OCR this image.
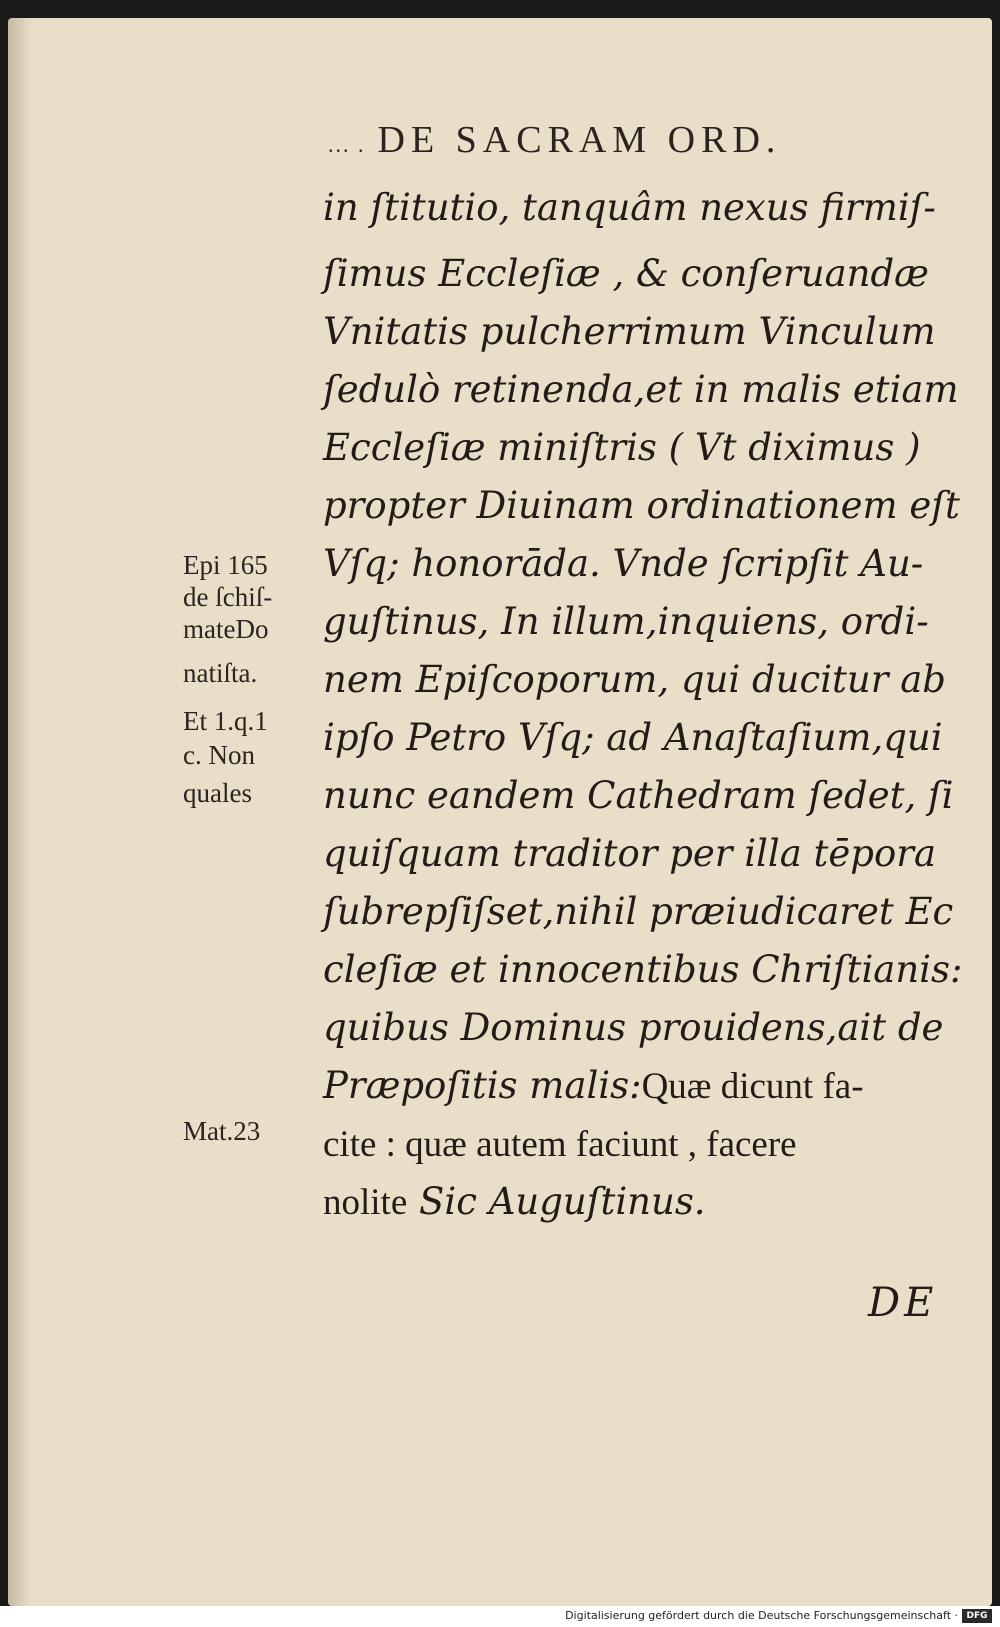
... . DE SACRAM ORD.
in ſtitutio, tanquâm nexus firmiſ-
ſimus Eccleſiæ , & conſeruandæ
Vnitatis pulcherrimum Vinculum
ſedulò retinenda,et in malis etiam
Eccleſiæ miniſtris ( Vt diximus )
propter Diuinam ordinationem eſt
Vſq; honorāda. Vnde ſcripſit Au-
guſtinus, In illum,inquiens, ordi-
nem Epiſcoporum, qui ducitur ab
ipſo Petro Vſq; ad Anaſtaſium,qui
nunc eandem Cathedram ſedet, ſi
quiſquam traditor per illa tēpora
ſubrepſiſset,nihil præiudicaret Ec
cleſiæ et innocentibus Chriſtianis:
quibus Dominus prouidens,ait de
Præpoſitis malis:Quæ dicunt fa-
cite : quæ autem faciunt , facere
nolite Sic Auguſtinus.
Epi 165
de ſchiſ-
mateDo
natiſta.
Et 1.q.1
c. Non
quales
Mat.23
DE
Digitalisierung gefördert durch die Deutsche Forschungsgemeinschaft · DFG
